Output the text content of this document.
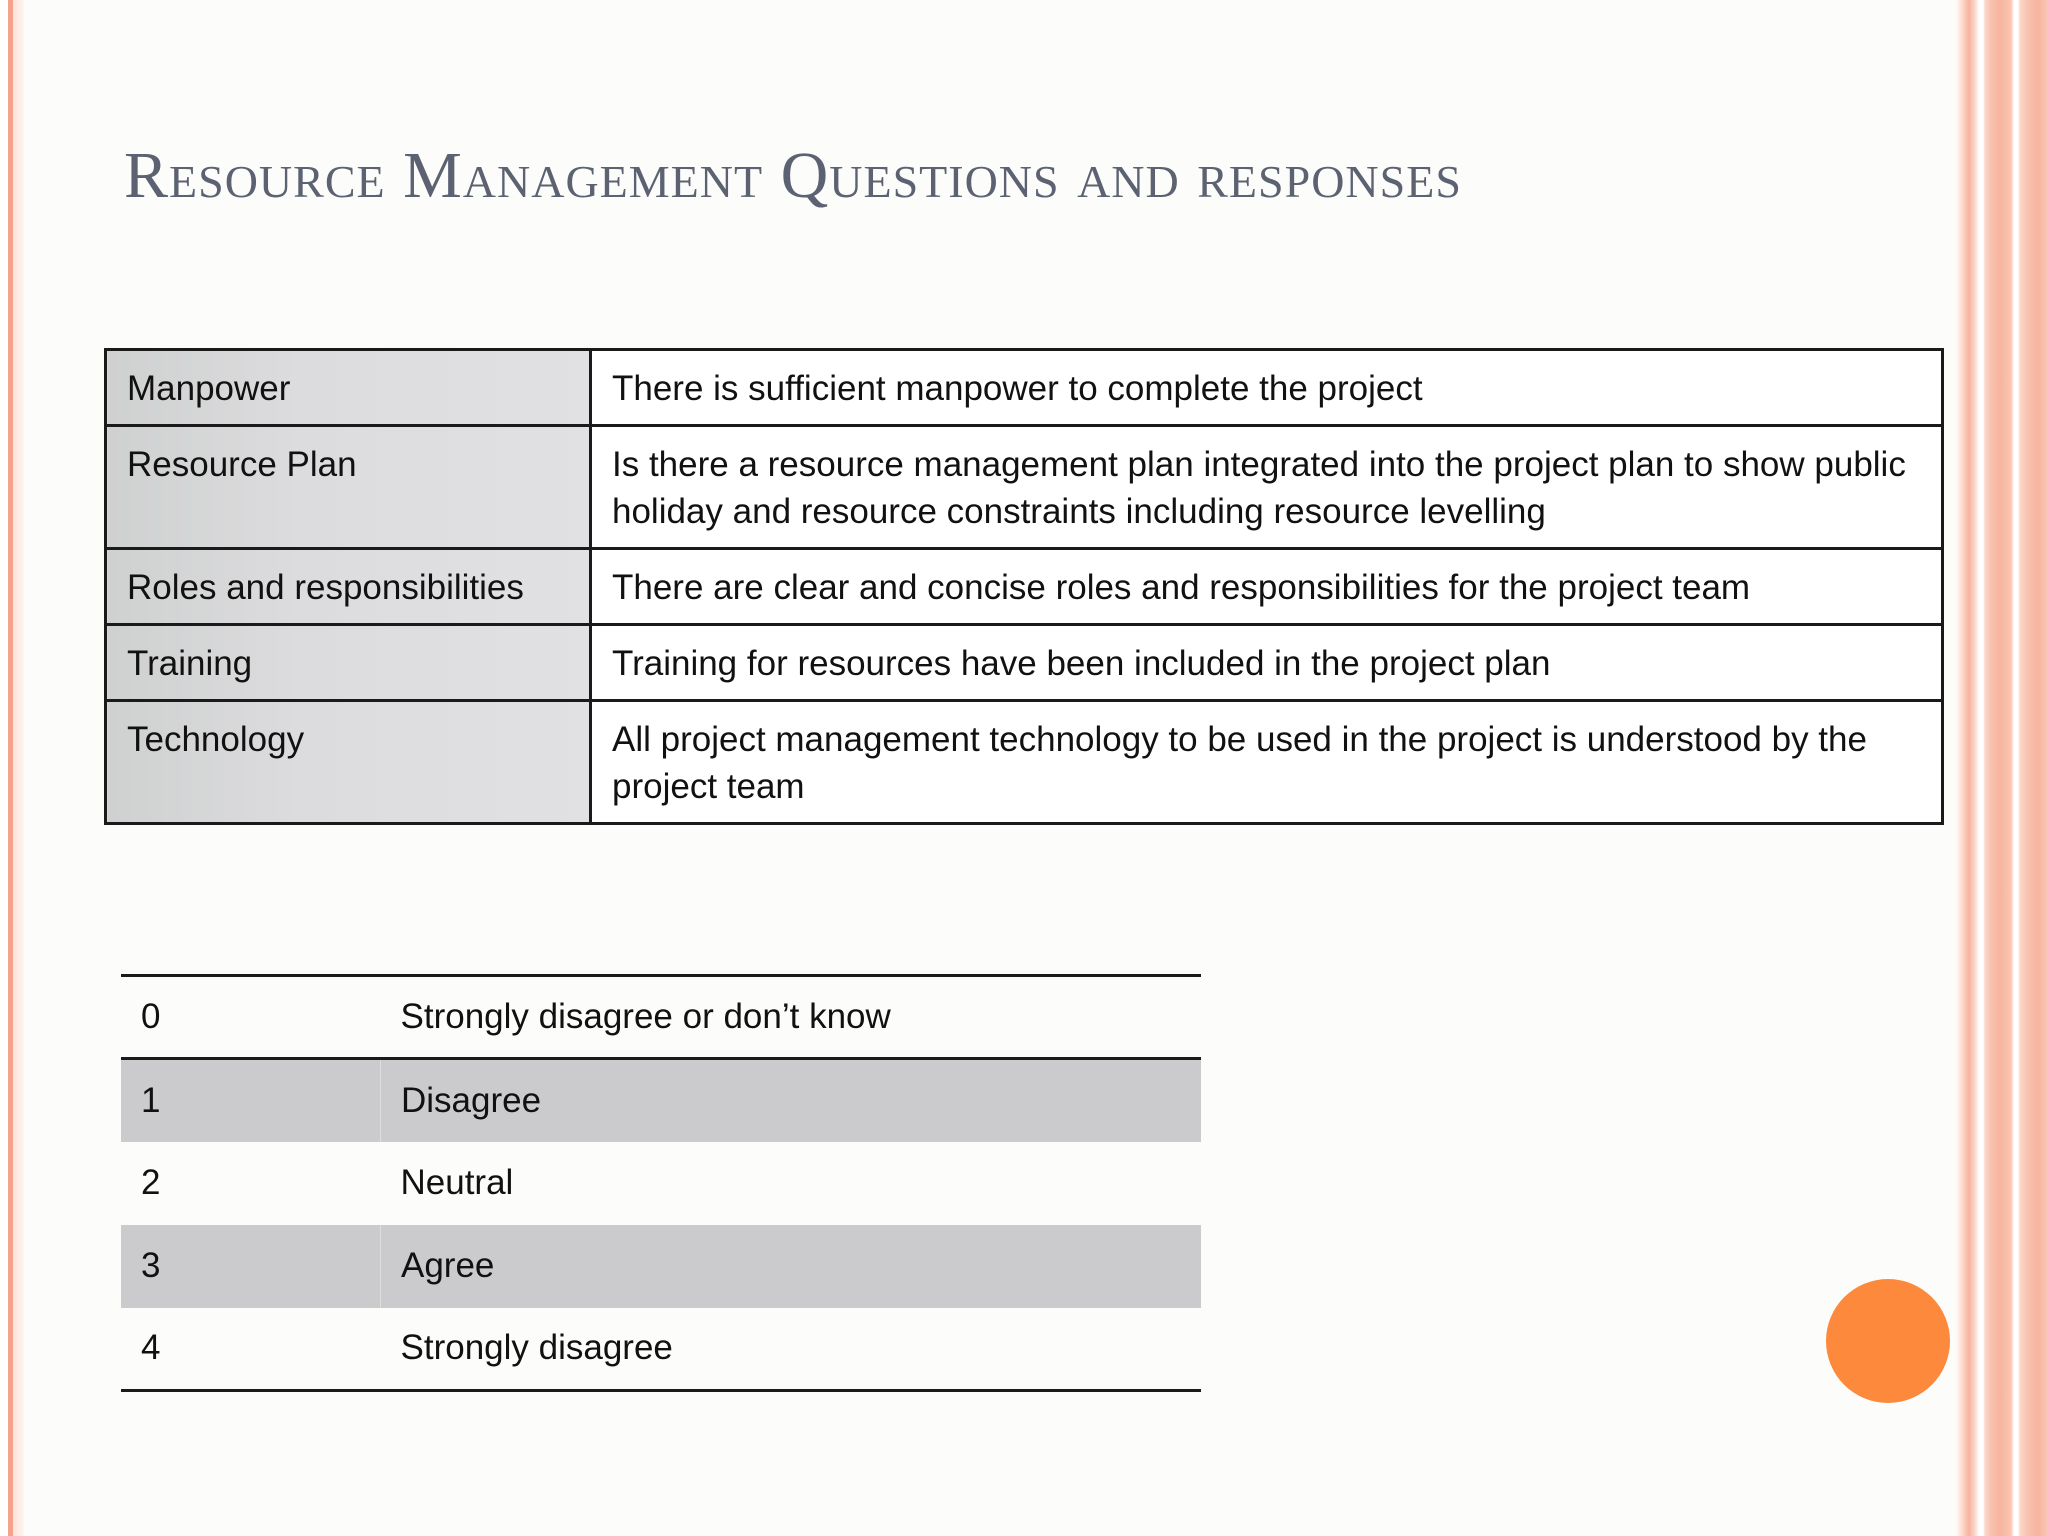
Resource Management Questions and responses
Manpower	There is sufficient manpower to complete the project
Resource Plan	Is there a resource management plan integrated into the project plan to show public holiday and resource constraints including resource levelling
Roles and responsibilities	There are clear and concise roles and responsibilities for the project team
Training	Training for resources have been included in the project plan
Technology	All project management technology to be used in the project is understood by the project team
0	Strongly disagree or don’t know
1	Disagree
2	Neutral
3	Agree
4	Strongly disagree
